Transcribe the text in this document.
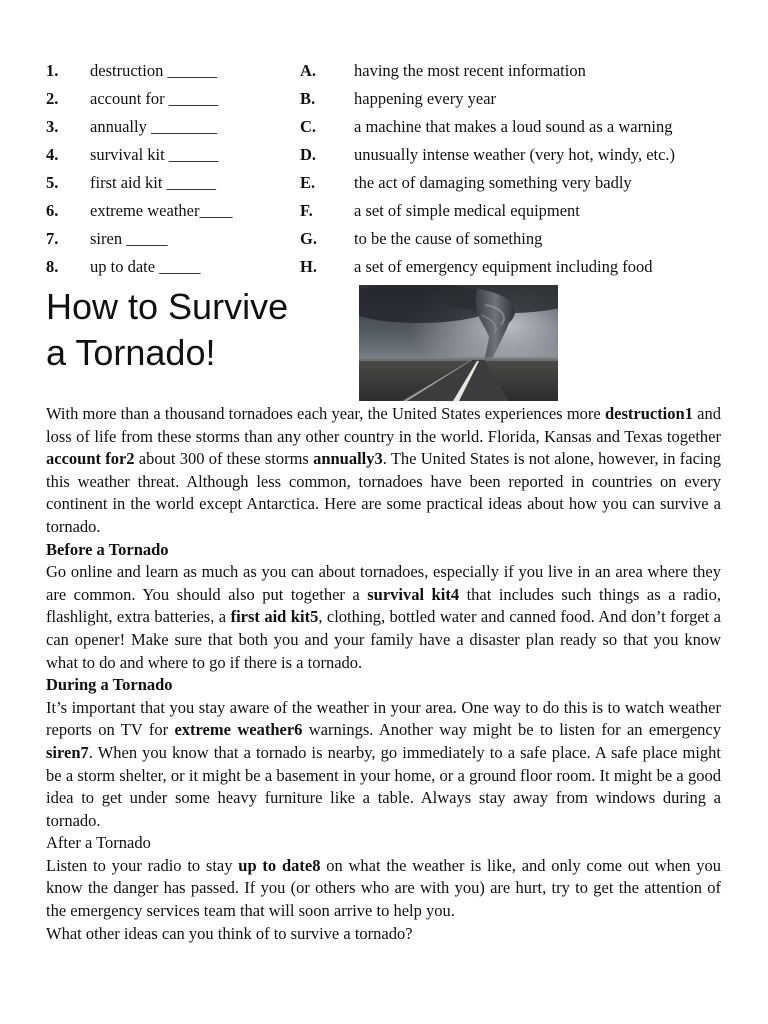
1.	destruction ______	A. having the most recent information
2.	account for ______	B. happening every year
3.	annually ________	C. a machine that makes a loud sound as a warning
4.	survival kit ______	D. unusually intense weather (very hot, windy, etc.)
5.	first aid kit ______	E. the act of damaging something very badly
6.	extreme weather____	F.	a set of simple medical equipment
7.	siren _____	G. to be the cause of something
8.	up to date _____	H. a set of emergency equipment including food
How to Survive
a Tornado!

With more than a thousand tornadoes each year, the United States experiences more destruction1 and loss of life from these storms than any other country in the world. Florida, Kansas and Texas together account for2 about 300 of these storms annually3. The United States is not alone, however, in facing this weather threat. Although less common, tornadoes have been reported in countries on every continent in the world except Antarctica. Here are some practical ideas about how you can survive a tornado.

Before a Tornado

Go online and learn as much as you can about tornadoes, especially if you live in an area where they are common. You should also put together a survival kit4 that includes such things as a radio, flashlight, extra batteries, a first aid kit5, clothing, bottled water and canned food. And don’t forget a can opener! Make sure that both you and your family have a disaster plan ready so that you know what to do and where to go if there is a tornado.

During a Tornado

It’s important that you stay aware of the weather in your area. One way to do this is to watch weather reports on TV for extreme weather6 warnings. Another way might be to listen for an emergency siren7. When you know that a tornado is nearby, go immediately to a safe place. A safe place might be a storm shelter, or it might be a basement in your home, or a ground floor room. It might be a good idea to get under some heavy furniture like a table. Always stay away from windows during a tornado.

After a Tornado

Listen to your radio to stay up to date8 on what the weather is like, and only come out when you know the danger has passed. If you (or others who are with you) are hurt, try to get the attention of the emergency services team that will soon arrive to help you.

What other ideas can you think of to survive a tornado?
